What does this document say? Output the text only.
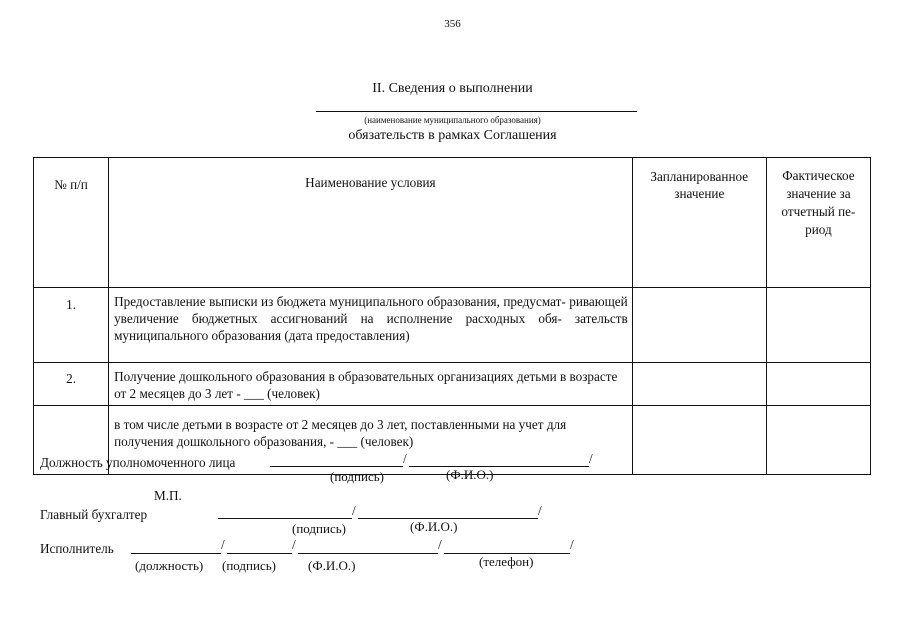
356
II. Сведения о выполнении
(наименование муниципального образования)
обязательств в рамках Соглашения
№ п/п	Наименование условия	Запланированное значение	Фактическое значение за отчетный пе- риод
1.	Предоставление выписки из бюджета муниципального образования, предусмат- ривающей увеличение бюджетных ассигнований на исполнение расходных обя- зательств муниципального образования (дата предоставления)		
2.	Получение дошкольного образования в образовательных организациях детьми в возрасте от 2 месяцев до 3 лет - ___ (человек)		
	в том числе детьми в возрасте от 2 месяцев до 3 лет, поставленными на учет для получения дошкольного образования, - ___ (человек)		
Должность уполномоченного лица	/	/
(подпись)	(Ф.И.О.)
М.П.
Главный бухгалтер	/	/
(подпись)	(Ф.И.О.)
Исполнитель	/	/	/	/
(должность) (подпись) (Ф.И.О.)	(телефон)
